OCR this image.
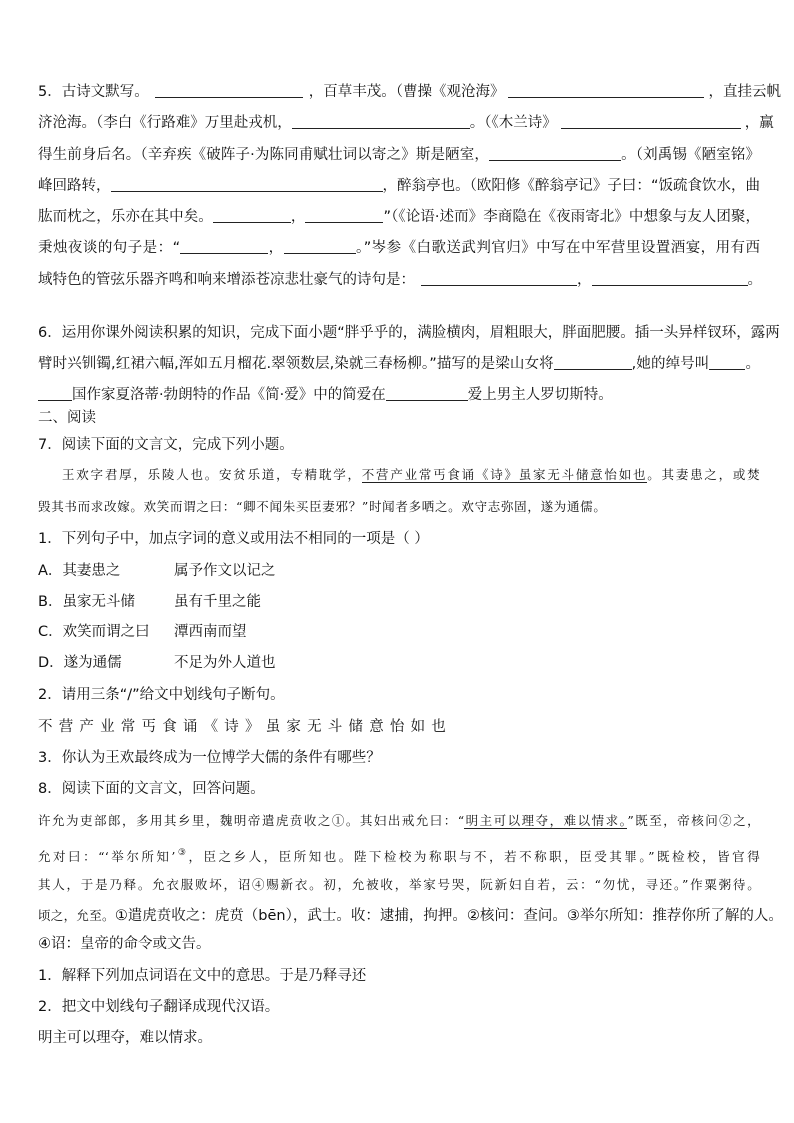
5．古诗文默写。	，百草丰茂。（曹操《观沧海》	，直挂云帆
济沧海。（李白《行路难》万里赴戎机，	。（《木兰诗》	，赢
得生前身后名。（辛弃疾《破阵子·为陈同甫赋壮词以寄之》斯是陋室，	。（刘禹锡《陋室铭》
峰回路转，	，醉翁亭也。（欧阳修《醉翁亭记》子曰：“饭疏食饮水，曲
肱而枕之，乐亦在其中矣。	，	”（《论语·述而》李商隐在《夜雨寄北》中想象与友人团聚，
秉烛夜谈的句子是：“	，	。”岑参《白歌送武判官归》中写在中军营里设置酒宴，用有西
域特色的管弦乐器齐鸣和响来增添苍凉悲壮豪气的诗句是：	，	。
6．运用你课外阅读积累的知识，完成下面小题“胖乎乎的，满脸横肉，眉粗眼大，胖面肥腰。插一头异样钗环，露两
臂时兴钏镯,红裙六幅,浑如五月榴花.翠领数层,染就三春杨柳。”描写的是梁山女将	,她的绰号叫 。
国作家夏洛蒂·勃朗特的作品《简·爱》中的简爱在	爱上男主人罗切斯特。
二、阅读
7．阅读下面的文言文，完成下列小题。
王欢字君厚，乐陵人也。安贫乐道，专精耽学，不营产业常丐食诵《诗》虽家无斗储意怡如也。其妻患之，或焚
毁其书而求改嫁。欢笑而谓之曰：“卿不闻朱买臣妻邪？”时闻者多哂之。欢守志弥固，遂为通儒。
1．下列句子中，加点字词的意义或用法不相同的一项是（ ）
A．其妻患之	属予作文以记之
B．虽家无斗储	虽有千里之能
C．欢笑而谓之曰 潭西南而望
D．遂为通儒	不足为外人道也
2．请用三条“/”给文中划线句子断句。
不营产业常丐食诵《诗》虽家无斗储意怡如也
3．你认为王欢最终成为一位博学大儒的条件有哪些？
8．阅读下面的文言文，回答问题。
许允为吏部郎，多用其乡里，魏明帝遣虎贲收之①。其妇出戒允曰：“明主可以理夺，难以情求。”既至，帝核问②之，
允对曰：“‘举尔所知’③，臣之乡人，臣所知也。陛下检校为称职与不，若不称职，臣受其罪。”既检校，皆官得
其人，于是乃释。允衣服败坏，诏④赐新衣。初，允被收，举家号哭，阮新妇自若，云：“勿忧，寻还。”作粟粥待。
顷之，允至。①遣虎贲收之：虎贲（bēn），武士。收：逮捕，拘押。②核问：查问。③举尔所知：推荐你所了解的人。
④诏：皇帝的命令或文告。
1．解释下列加点词语在文中的意思。于是乃释寻还
2．把文中划线句子翻译成现代汉语。
明主可以理夺，难以情求。
